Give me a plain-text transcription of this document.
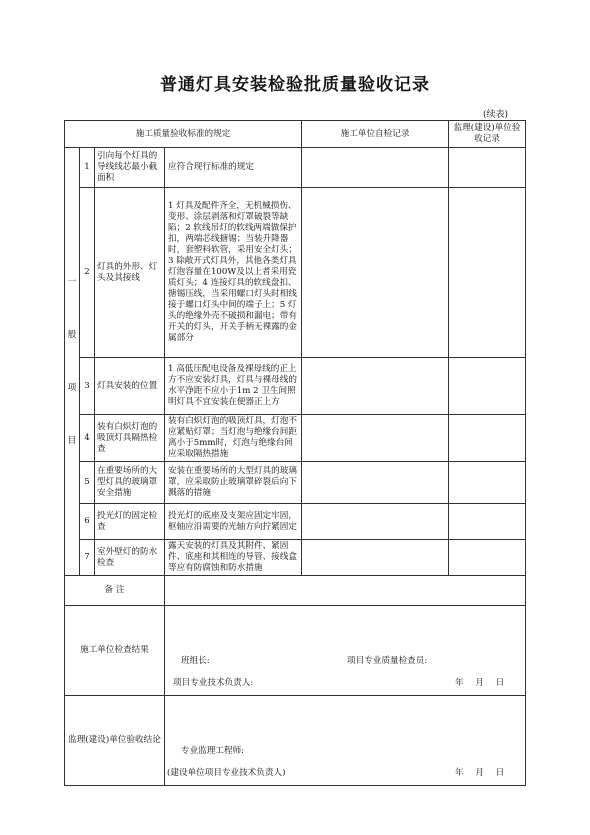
普通灯具安装检验批质量验收记录
(续表)
施工质量验收标准的规定				施工单位自检记录	监理(建设)单位验收记录

一
般
项
目	1	引向每个灯具的导线线芯最小截面积	应符合现行标准的规定		
	2	灯具的外形、灯头及其接线	1 灯具及配件齐全，无机械损伤、变形、涂层剥落和灯罩破裂等缺陷；2 软线吊灯的软线两端做保护扣，两端芯线搪锡；当装升降器时，套塑料软管，采用安全灯头；3 除敞开式灯具外，其他各类灯具灯泡容量在100W及以上者采用瓷质灯头；4 连接灯具的软线盘扣、搪锡压线，当采用螺口灯头时相线接于螺口灯头中间的端子上；5 灯头的绝缘外壳不破损和漏电；带有开关的灯头，开关手柄无裸露的金属部分		
	3	灯具安装的位置	1 高低压配电设备及裸母线的正上方不应安装灯具，灯具与裸母线的水平净距不应小于1m 2 卫生间照明灯具不宜安装在便器正上方		
	4	装有白炽灯泡的吸顶灯具隔热检查	装有白炽灯泡的吸顶灯具，灯泡不应紧贴灯罩；当灯泡与绝缘台间距离小于5mm时，灯泡与绝缘台间应采取隔热措施		
	5	在重要场所的大型灯具的玻璃罩安全措施	安装在重要场所的大型灯具的玻璃罩，应采取防止玻璃罩碎裂后向下溅落的措施		
	6	投光灯的固定检查	投光灯的底座及支架应固定牢固，枢轴应沿需要的光轴方向拧紧固定		
	7	室外壁灯的防水检查	露天安装的灯具及其附件、紧固件、底座和其相连的导管、接线盒等应有防腐蚀和防水措施		
备 注					
施工单位检查结果			班组长: 项目专业质量检查员:
项目专业技术负责人: 年 月 日		

监理(建设)单位验收结论			专业监理工程师:
(建设单位项目专业技术负责人) 年 月 日		
